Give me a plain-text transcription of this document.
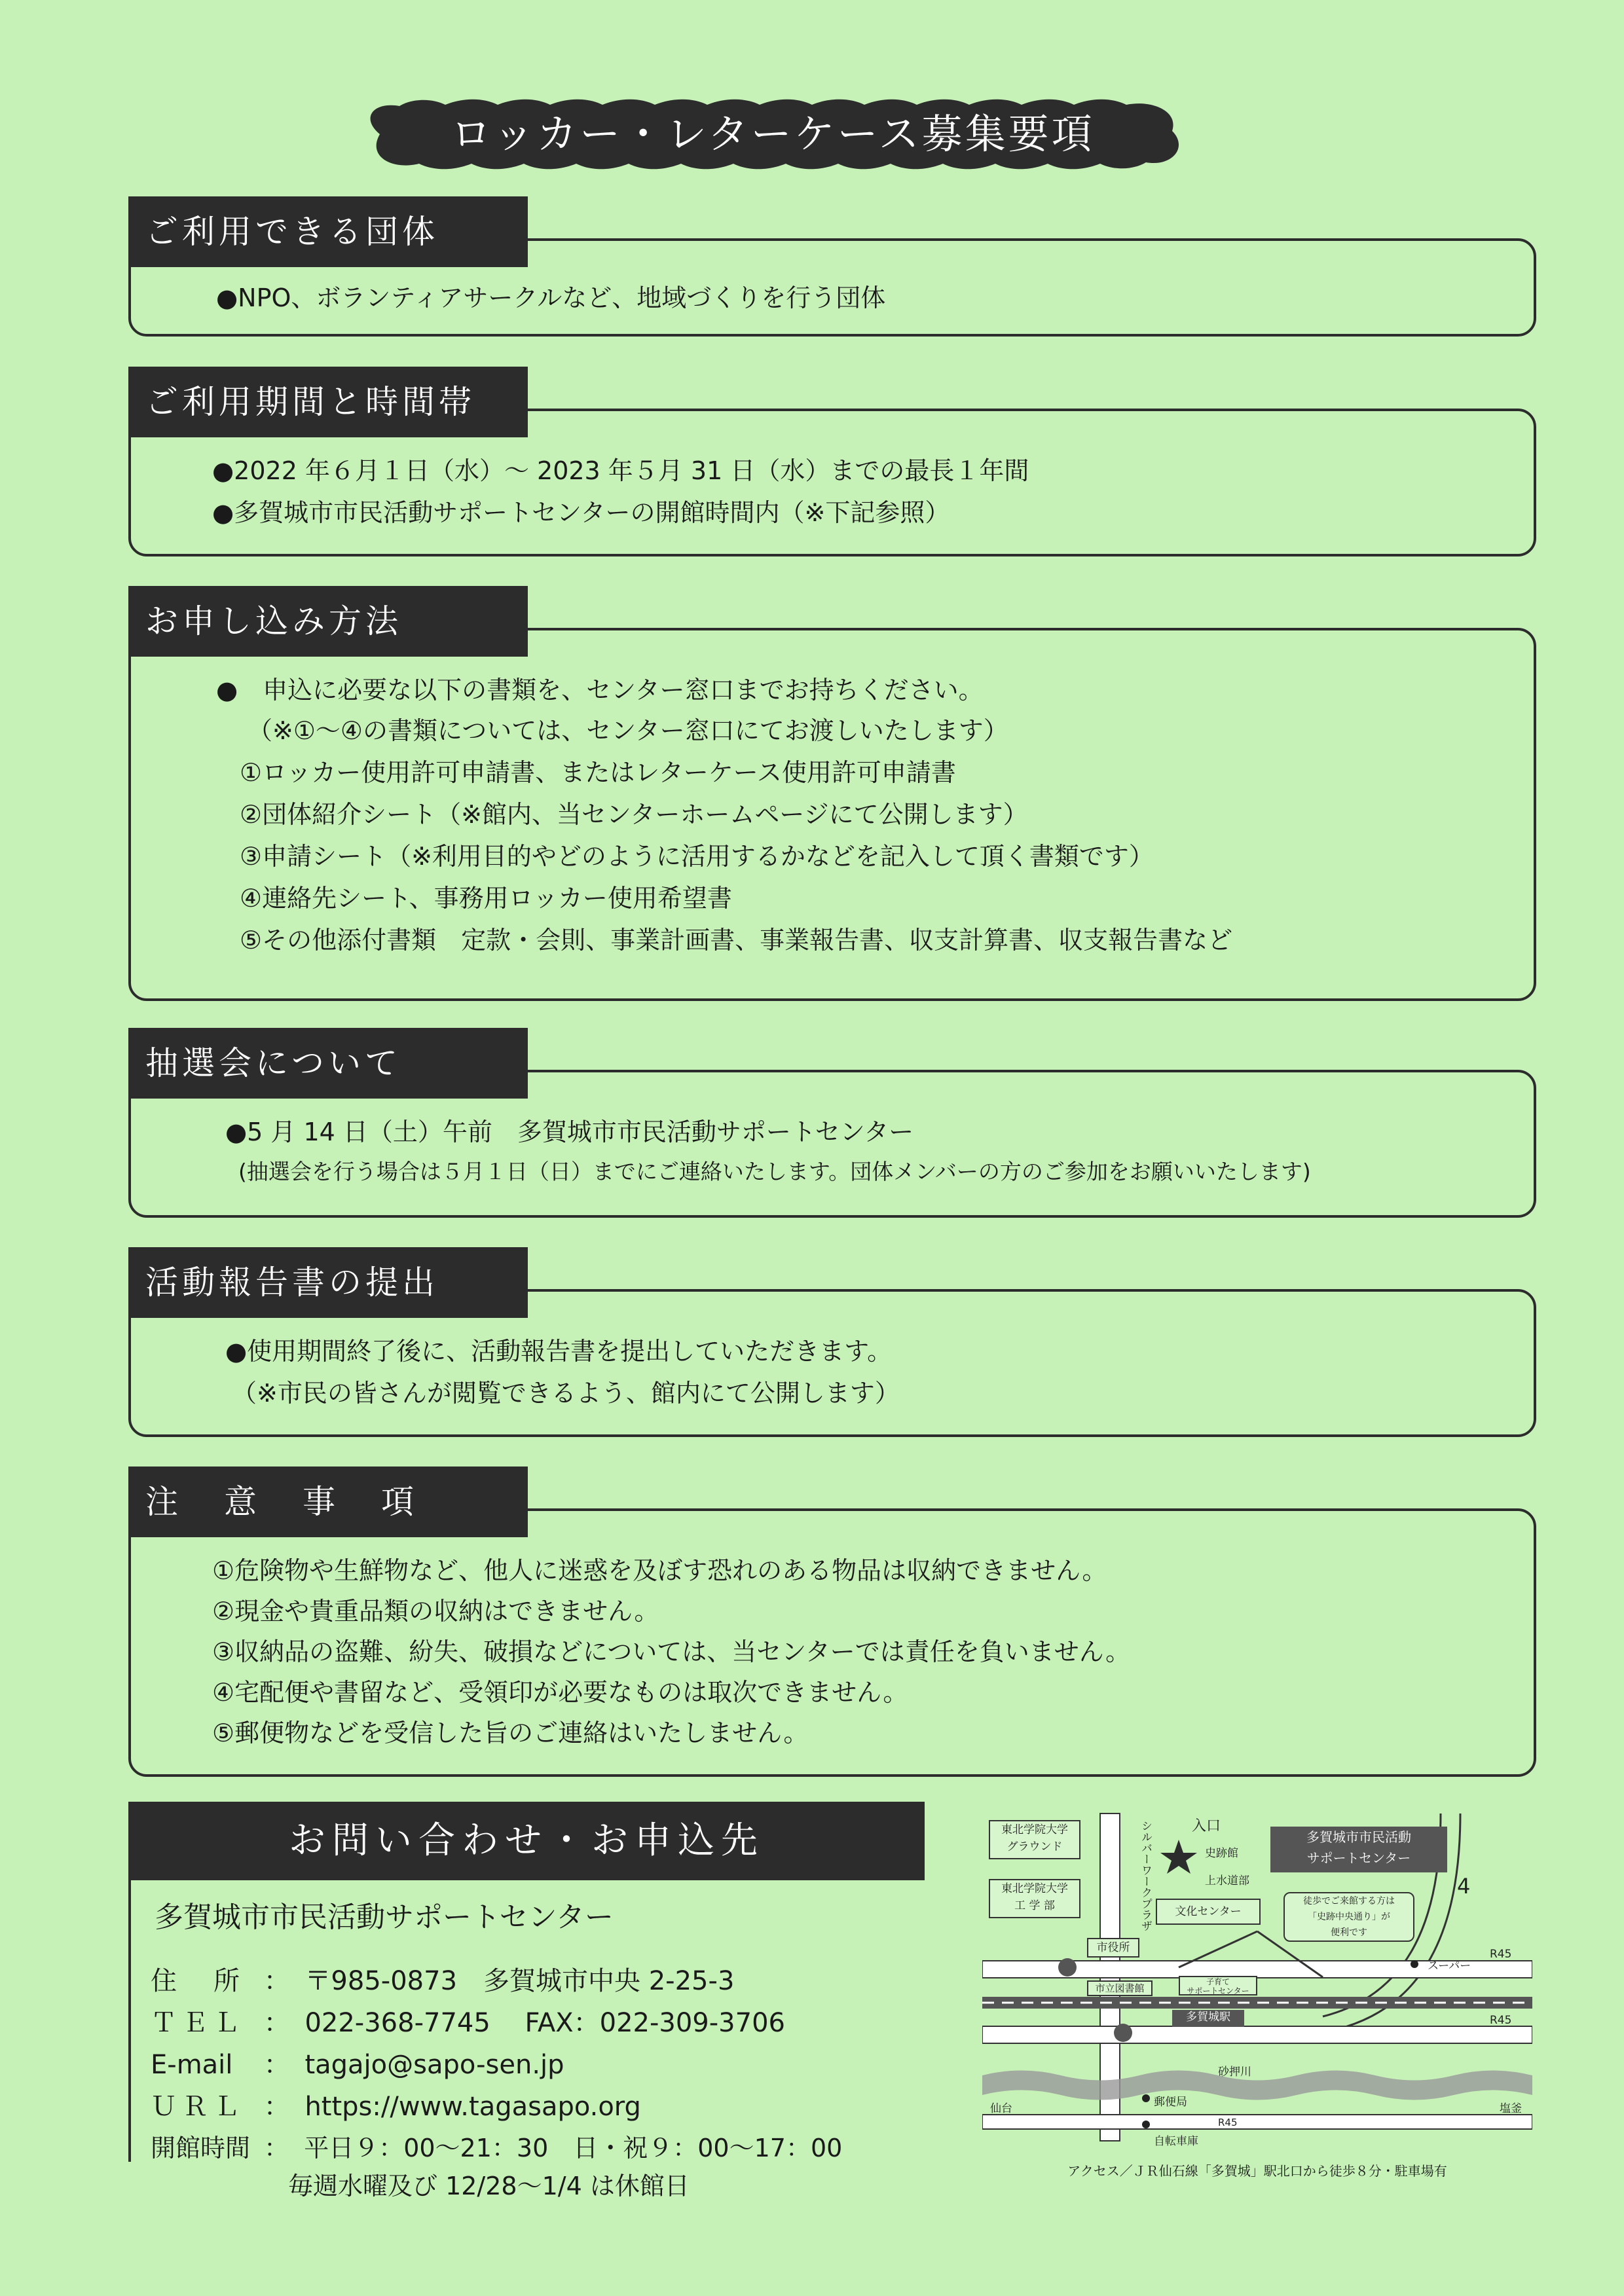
ロッカー・レターケース募集要項
ご利用できる団体
●NPO、ボランティアサークルなど、地域づくりを行う団体
ご利用期間と時間帯
●2022 年６月１日（水）～ 2023 年５月 31 日（水）までの最長１年間
●多賀城市市民活動サポートセンターの開館時間内（※下記参照）
お申し込み方法
●　申込に必要な以下の書類を、センター窓口までお持ちください。
（※①～④の書類については、センター窓口にてお渡しいたします）
①ロッカー使用許可申請書、またはレターケース使用許可申請書
②団体紹介シート（※館内、当センターホームページにて公開します）
③申請シート（※利用目的やどのように活用するかなどを記入して頂く書類です）
④連絡先シート、事務用ロッカー使用希望書
⑤その他添付書類　定款・会則、事業計画書、事業報告書、収支計算書、収支報告書など
抽選会について
●5 月 14 日（土）午前　多賀城市市民活動サポートセンター
(抽選会を行う場合は５月１日（日）までにご連絡いたします。団体メンバーの方のご参加をお願いいたします)
活動報告書の提出
●使用期間終了後に、活動報告書を提出していただきます。
（※市民の皆さんが閲覧できるよう、館内にて公開します）
注　意　事　項
①危険物や生鮮物など、他人に迷惑を及ぼす恐れのある物品は収納できません。
②現金や貴重品類の収納はできません。
③収納品の盗難、紛失、破損などについては、当センターでは責任を負いません。
④宅配便や書留など、受領印が必要なものは取次できません。
⑤郵便物などを受信した旨のご連絡はいたしません。
お問い合わせ・お申込先
多賀城市市民活動サポートセンター
住　所 ： 〒985-0873　多賀城市中央 2-25-3
ＴＥＬ ： 022-368-7745 FAX：022-309-3706
E-mail ： tagajo@sapo-sen.jp
ＵＲＬ ： https://www.tagasapo.org
開館時間 ： 平日９：00～21：30　日・祝９：00～17：00
毎週水曜及び 12/28～1/4 は休館日
入口
東北学院大学
グラウンド
東北学院大学
工 学 部	シルバーワークプラザ	史跡館
上水道部
文化センター
多賀城市市民活動
サポートセンター
徒歩でご来館する方は
「史跡中央通り」が
便利です
4
市役所
市立図書館
子育て
サポートセンター
多賀城駅
スーパー
R45
R45
R45
砂押川
郵便局
自転車庫
仙台	塩釜
アクセス／ＪＲ仙石線「多賀城」駅北口から徒歩８分・駐車場有
